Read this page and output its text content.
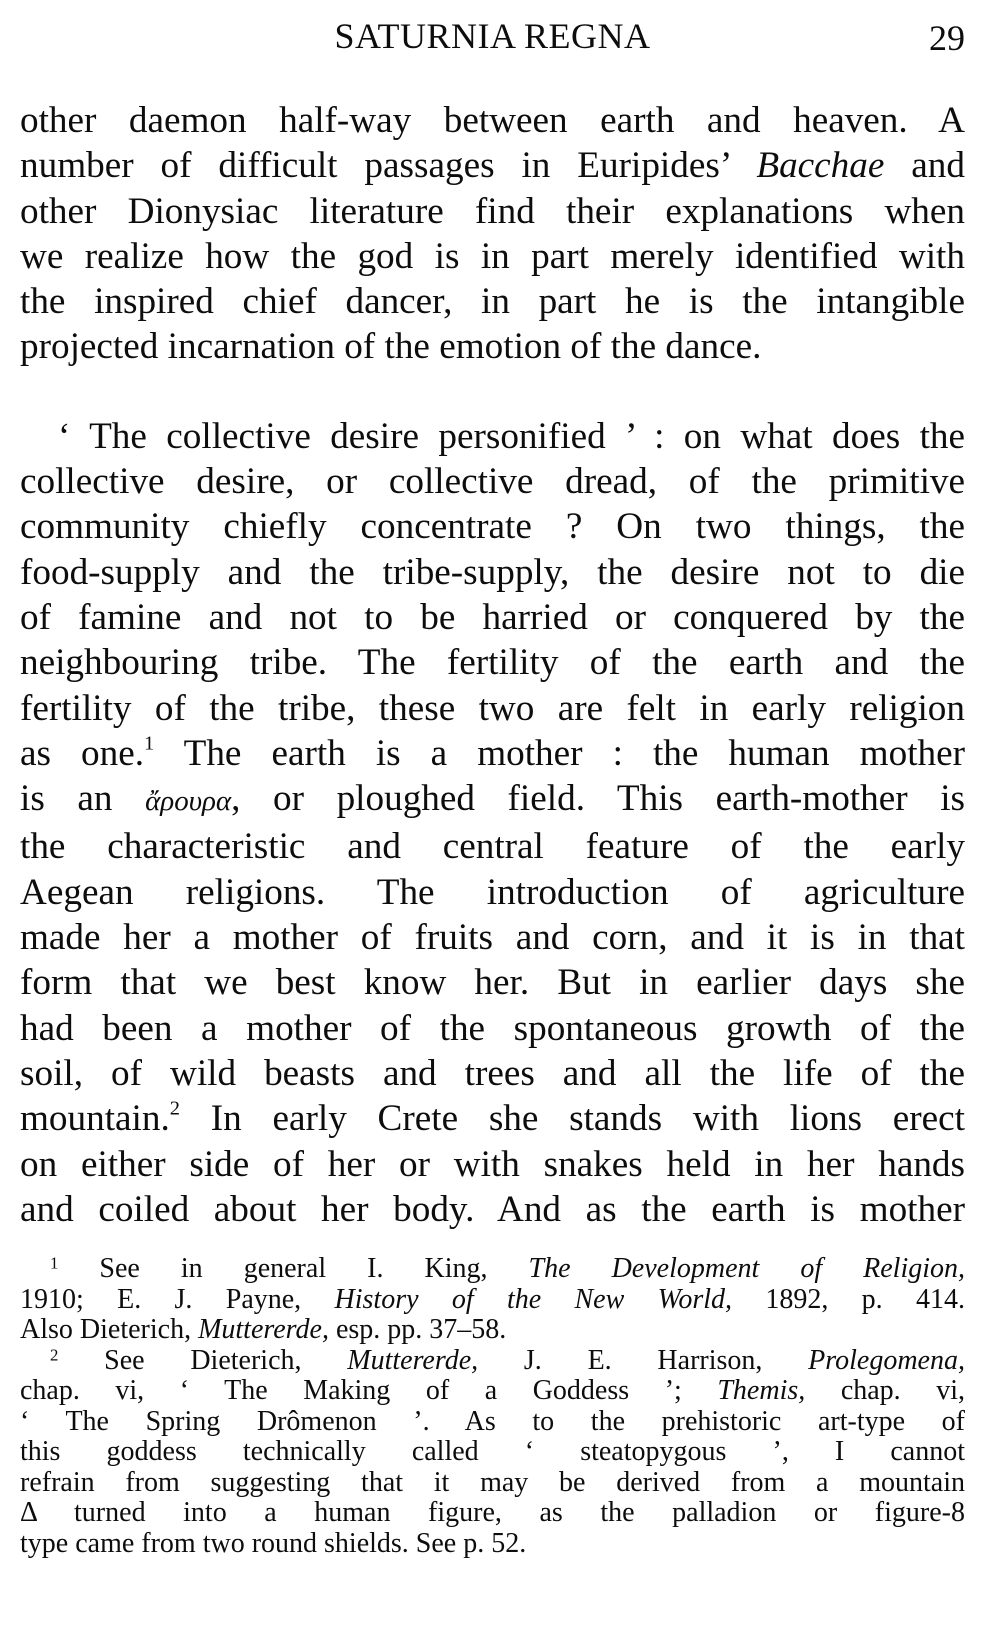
SATURNIA REGNA	29
other daemon half-way between earth and heaven. A
number of difficult passages in Euripides’ Bacchae and
other Dionysiac literature find their explanations when
we realize how the god is in part merely identified with
the inspired chief dancer, in part he is the intangible
projected incarnation of the emotion of the dance.
‘ The collective desire personified ’ : on what does the
collective desire, or collective dread, of the primitive
community chiefly concentrate ? On two things, the
food-supply and the tribe-supply, the desire not to die
of famine and not to be harried or conquered by the
neighbouring tribe. The fertility of the earth and the
fertility of the tribe, these two are felt in early religion
as one.$^1$ The earth is a mother : the human mother
is an ἄρουρα, or ploughed field. This earth-mother is
the characteristic and central feature of the early
Aegean religions. The introduction of agriculture
made her a mother of fruits and corn, and it is in that
form that we best know her. But in earlier days she
had been a mother of the spontaneous growth of the
soil, of wild beasts and trees and all the life of the
mountain.$^2$ In early Crete she stands with lions erect
on either side of her or with snakes held in her hands
and coiled about her body. And as the earth is mother
$^1$ See in general I. King, The Development of Religion,
1910; E. J. Payne, History of the New World, 1892, p. 414.
Also Dieterich, Muttererde, esp. pp. 37–58.
$^2$ See Dieterich, Muttererde, J. E. Harrison, Prolegomena,
chap. vi, ‘ The Making of a Goddess ’; Themis, chap. vi,
‘ The Spring Drômenon ’. As to the prehistoric art-type of
this goddess technically called ‘ steatopygous ’, I cannot
refrain from suggesting that it may be derived from a mountain
Δ turned into a human figure, as the palladion or figure-8
type came from two round shields. See p. 52.
